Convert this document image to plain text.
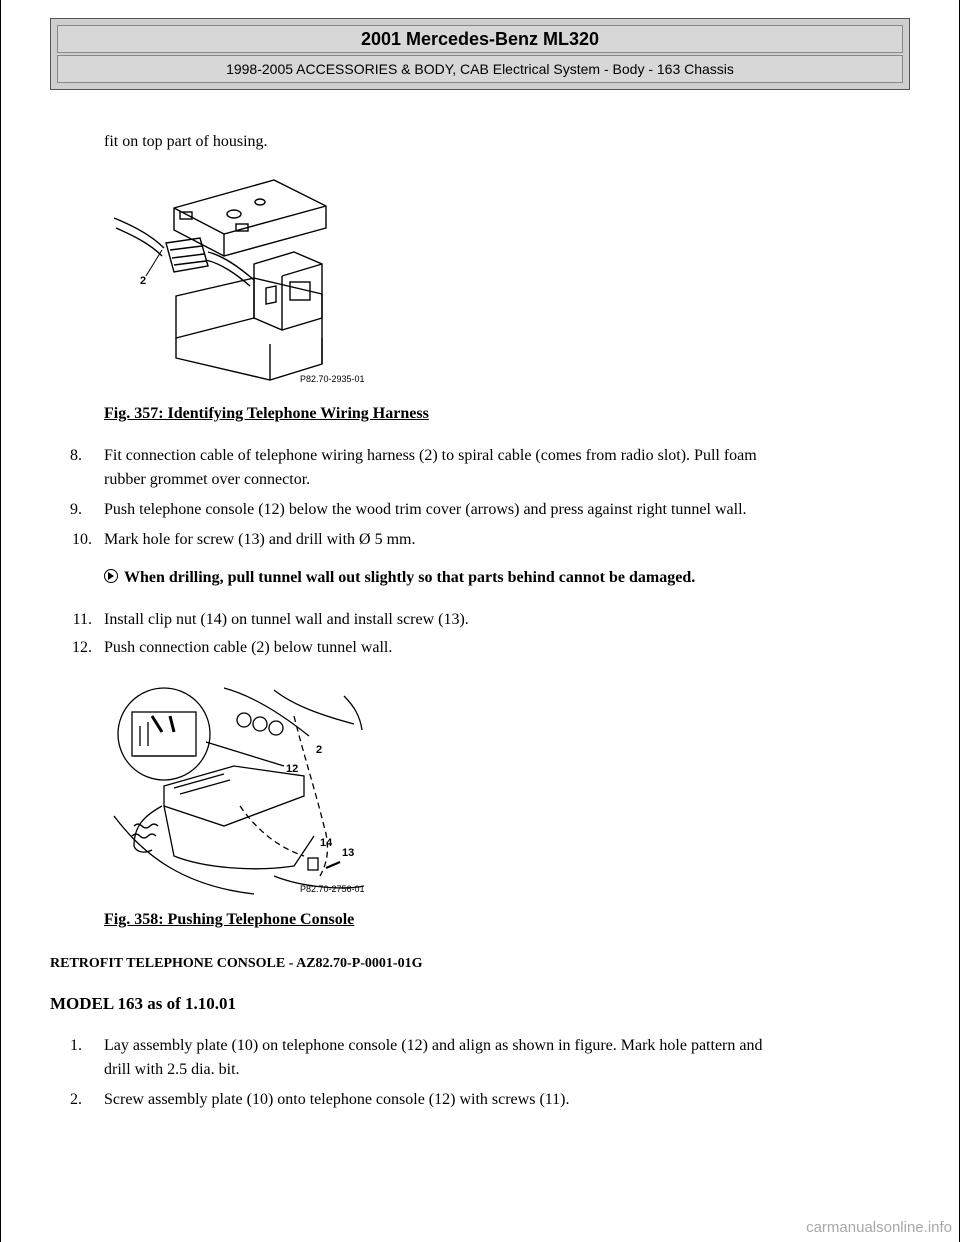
2001 Mercedes-Benz ML320
1998-2005 ACCESSORIES & BODY, CAB Electrical System - Body - 163 Chassis
fit on top part of housing.
2
P82.70-2935-01
Fig. 357: Identifying Telephone Wiring Harness
8. Fit connection cable of telephone wiring harness (2) to spiral cable (comes from radio slot). Pull foam
rubber grommet over connector.
9. Push telephone console (12) below the wood trim cover (arrows) and press against right tunnel wall.
10. Mark hole for screw (13) and drill with Ø 5 mm.
When drilling, pull tunnel wall out slightly so that parts behind cannot be damaged.
11. Install clip nut (14) on tunnel wall and install screw (13).
12. Push connection cable (2) below tunnel wall.
2
12
14
13
P82.70-2756-01
Fig. 358: Pushing Telephone Console
RETROFIT TELEPHONE CONSOLE - AZ82.70-P-0001-01G
MODEL 163 as of 1.10.01
1. Lay assembly plate (10) on telephone console (12) and align as shown in figure. Mark hole pattern and
drill with 2.5 dia. bit.
2. Screw assembly plate (10) onto telephone console (12) with screws (11).
carmanualsonline.info
